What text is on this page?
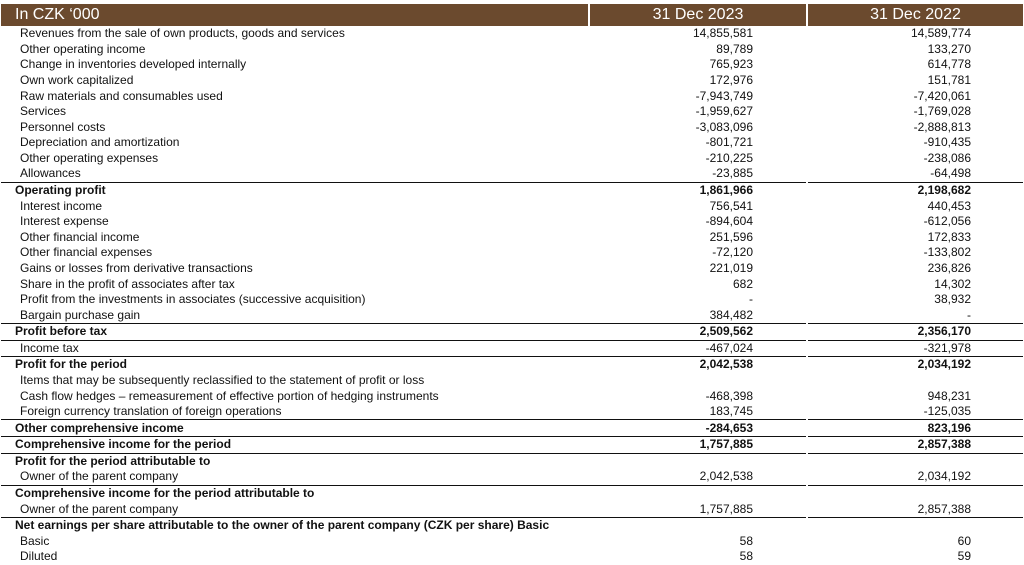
In CZK ‘000	31 Dec 2023	31 Dec 2022
Revenues from the sale of own products, goods and services	14,855,581	14,589,774
Other operating income	89,789	133,270
Change in inventories developed internally	765,923	614,778
Own work capitalized	172,976	151,781
Raw materials and consumables used	-7,943,749	-7,420,061
Services	-1,959,627	-1,769,028
Personnel costs	-3,083,096	-2,888,813
Depreciation and amortization	-801,721	-910,435
Other operating expenses	-210,225	-238,086
Allowances	-23,885	-64,498
Operating profit	1,861,966	2,198,682
Interest income	756,541	440,453
Interest expense	-894,604	-612,056
Other financial income	251,596	172,833
Other financial expenses	-72,120	-133,802
Gains or losses from derivative transactions	221,019	236,826
Share in the profit of associates after tax	682	14,302
Profit from the investments in associates (successive acquisition)	-	38,932
Bargain purchase gain	384,482	-
Profit before tax	2,509,562	2,356,170
Income tax	-467,024	-321,978
Profit for the period	2,042,538	2,034,192
Items that may be subsequently reclassified to the statement of profit or loss		
Cash flow hedges – remeasurement of effective portion of hedging instruments	-468,398	948,231
Foreign currency translation of foreign operations	183,745	-125,035
Other comprehensive income	-284,653	823,196
Comprehensive income for the period	1,757,885	2,857,388
Profit for the period attributable to		
Owner of the parent company	2,042,538	2,034,192
Comprehensive income for the period attributable to		
Owner of the parent company	1,757,885	2,857,388
Net earnings per share attributable to the owner of the parent company (CZK per share) Basic		
Basic	58	60
Diluted	58	59
